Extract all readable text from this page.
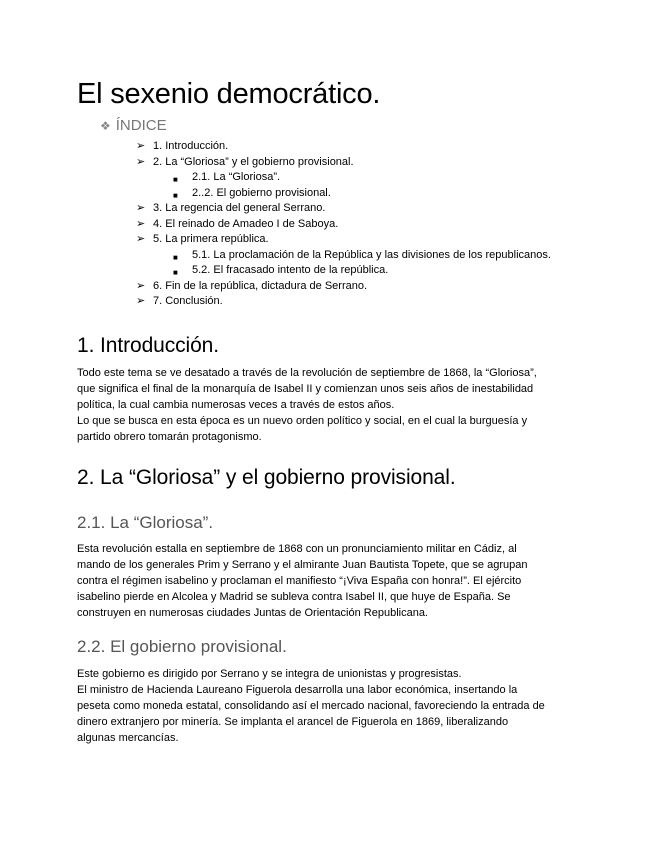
El sexenio democrático.
❖ ÍNDICE
➢ 1. Introducción.
➢ 2. La “Gloriosa” y el gobierno provisional.
■ 2.1. La “Gloriosa”.
■ 2..2. El gobierno provisional.
➢ 3. La regencia del general Serrano.
➢ 4. El reinado de Amadeo I de Saboya.
➢ 5. La primera república.
■ 5.1. La proclamación de la República y las divisiones de los republicanos.
■ 5.2. El fracasado intento de la república.
➢ 6. Fin de la república, dictadura de Serrano.
➢ 7. Conclusión.
1. Introducción.
Todo este tema se ve desatado a través de la revolución de septiembre de 1868, la “Gloriosa”,
que significa el final de la monarquía de Isabel II y comienzan unos seis años de inestabilidad
política, la cual cambia numerosas veces a través de estos años.
Lo que se busca en esta época es un nuevo orden político y social, en el cual la burguesía y
partido obrero tomarán protagonismo.
2. La “Gloriosa” y el gobierno provisional.
2.1. La “Gloriosa”.
Esta revolución estalla en septiembre de 1868 con un pronunciamiento militar en Cádiz, al
mando de los generales Prim y Serrano y el almirante Juan Bautista Topete, que se agrupan
contra el régimen isabelino y proclaman el manifiesto “¡Viva España con honra!”. El ejército
isabelino pierde en Alcolea y Madrid se subleva contra Isabel II, que huye de España. Se
construyen en numerosas ciudades Juntas de Orientación Republicana.
2.2. El gobierno provisional.
Este gobierno es dirigido por Serrano y se integra de unionistas y progresistas.
El ministro de Hacienda Laureano Figuerola desarrolla una labor económica, insertando la
peseta como moneda estatal, consolidando así el mercado nacional, favoreciendo la entrada de
dinero extranjero por minería. Se implanta el arancel de Figuerola en 1869, liberalizando
algunas mercancías.
